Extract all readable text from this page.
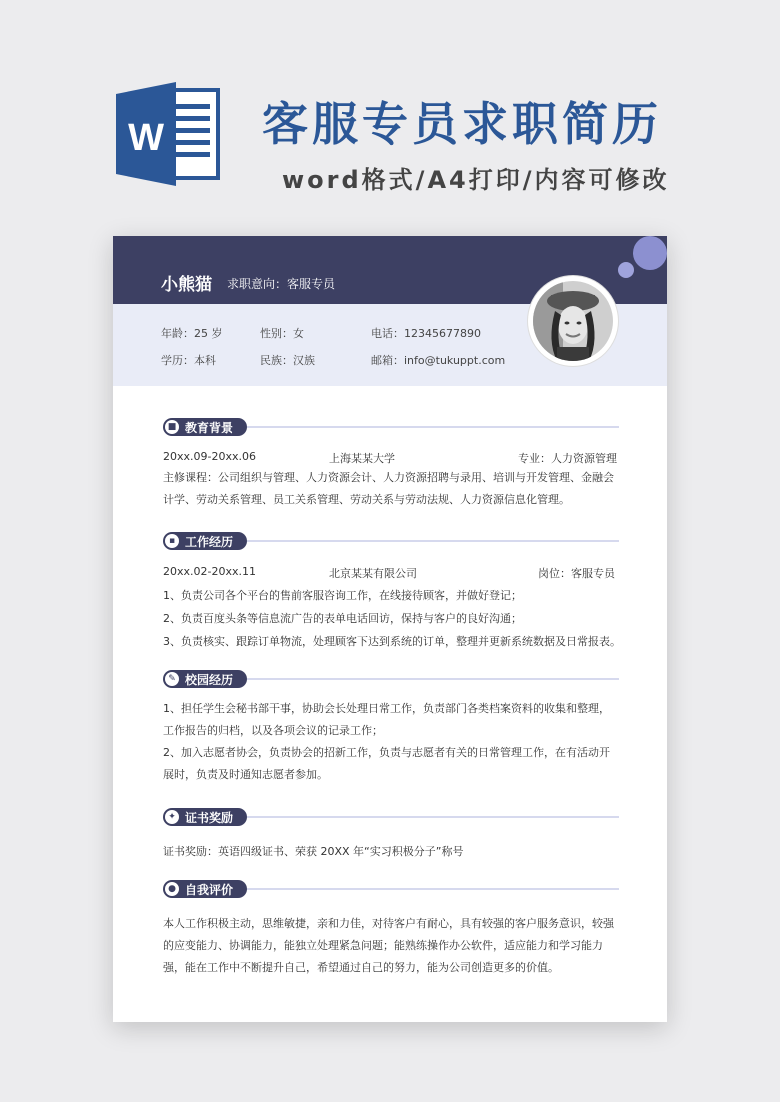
W 客服专员求职简历
word格式/A4打印/内容可修改
小熊猫 求职意向：客服专员
年龄：25 岁	性别：女	电话：12345677890
学历：本科	民族：汉族	邮箱：info@tukuppt.com
■ 教育背景
20xx.09-20xx.06	上海某某大学	专业：人力资源管理
主修课程：公司组织与管理、人力资源会计、人力资源招聘与录用、培训与开发管理、金融会计学、劳动关系管理、员工关系管理、劳动关系与劳动法规、人力资源信息化管理。
▪ 工作经历
20xx.02-20xx.11	北京某某有限公司	岗位：客服专员
1、负责公司各个平台的售前客服咨询工作，在线接待顾客，并做好登记；
2、负责百度头条等信息流广告的表单电话回访，保持与客户的良好沟通；
3、负责核实、跟踪订单物流，处理顾客下达到系统的订单，整理并更新系统数据及日常报表。
✎ 校园经历
1、担任学生会秘书部干事，协助会长处理日常工作，负责部门各类档案资料的收集和整理，工作报告的归档，以及各项会议的记录工作；
2、加入志愿者协会，负责协会的招新工作，负责与志愿者有关的日常管理工作，在有活动开展时，负责及时通知志愿者参加。
✦ 证书奖励
证书奖励：英语四级证书、荣获 20XX 年“实习积极分子”称号
● 自我评价
本人工作积极主动，思维敏捷，亲和力佳，对待客户有耐心，具有较强的客户服务意识，较强的应变能力、协调能力，能独立处理紧急问题；能熟练操作办公软件，适应能力和学习能力强，能在工作中不断提升自己，希望通过自己的努力，能为公司创造更多的价值。
